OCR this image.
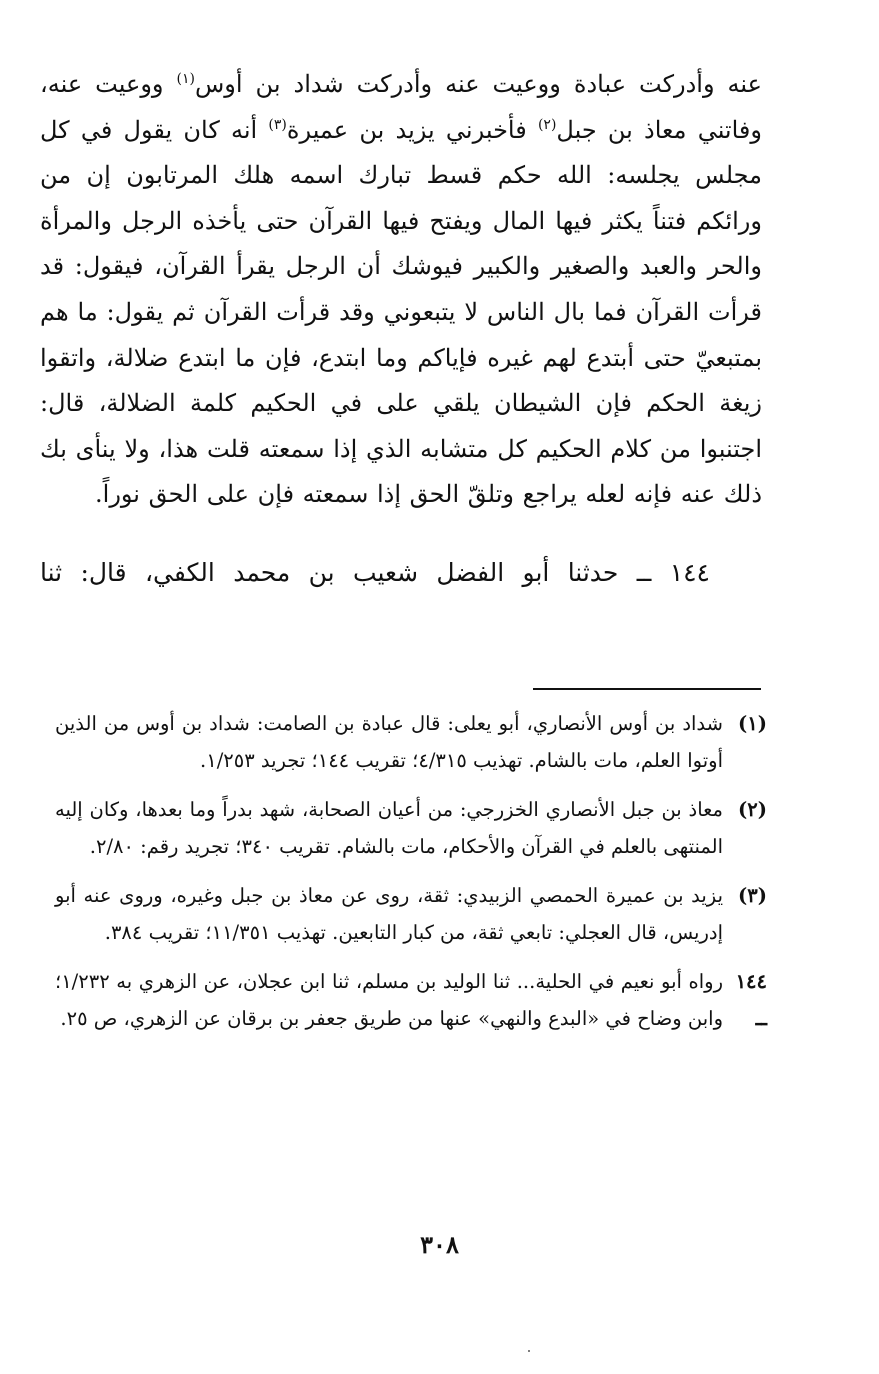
عنه وأدركت عبادة ووعيت عنه وأدركت شداد بن أوس$^{(١)}$ ووعيت عنه، وفاتني معاذ بن جبل$^{(٢)}$ فأخبرني يزيد بن عميرة$^{(٣)}$ أنه كان يقول في كل مجلس يجلسه: الله حكم قسط تبارك اسمه هلك المرتابون إن من ورائكم فتناً يكثر فيها المال ويفتح فيها القرآن حتى يأخذه الرجل والمرأة والحر والعبد والصغير والكبير فيوشك أن الرجل يقرأ القرآن، فيقول: قد قرأت القرآن فما بال الناس لا يتبعوني وقد قرأت القرآن ثم يقول: ما هم بمتبعيّ حتى أبتدع لهم غيره فإياكم وما ابتدع، فإن ما ابتدع ضلالة، واتقوا زيغة الحكم فإن الشيطان يلقي على في الحكيم كلمة الضلالة، قال: اجتنبوا من كلام الحكيم كل متشابه الذي إذا سمعته قلت هذا، ولا ينأى بك ذلك عنه فإنه لعله يراجع وتلقّ الحق إذا سمعته فإن على الحق نوراً.

١٤٤ ــ حدثنا أبو الفضل شعيب بن محمد الكفي، قال: ثنا
(١)
شداد بن أوس الأنصاري، أبو يعلى: قال عبادة بن الصامت: شداد بن أوس من الذين أوتوا العلم، مات بالشام. تهذيب ٤/٣١٥؛ تقريب ١٤٤؛ تجريد ١/٢٥٣.
(٢)
معاذ بن جبل الأنصاري الخزرجي: من أعيان الصحابة، شهد بدراً وما بعدها، وكان إليه المنتهى بالعلم في القرآن والأحكام، مات بالشام. تقريب ٣٤٠؛ تجريد رقم: ٢/٨٠.
(٣)
يزيد بن عميرة الحمصي الزبيدي: ثقة، روى عن معاذ بن جبل وغيره، وروى عنه أبو إدريس، قال العجلي: تابعي ثقة، من كبار التابعين. تهذيب ١١/٣٥١؛ تقريب ٣٨٤.
١٤٤ ــ
رواه أبو نعيم في الحلية... ثنا الوليد بن مسلم، ثنا ابن عجلان، عن الزهري به ١/٢٣٢؛ وابن وضاح في «البدع والنهي» عنها من طريق جعفر بن برقان عن الزهري، ص ٢٥.
٣٠٨
